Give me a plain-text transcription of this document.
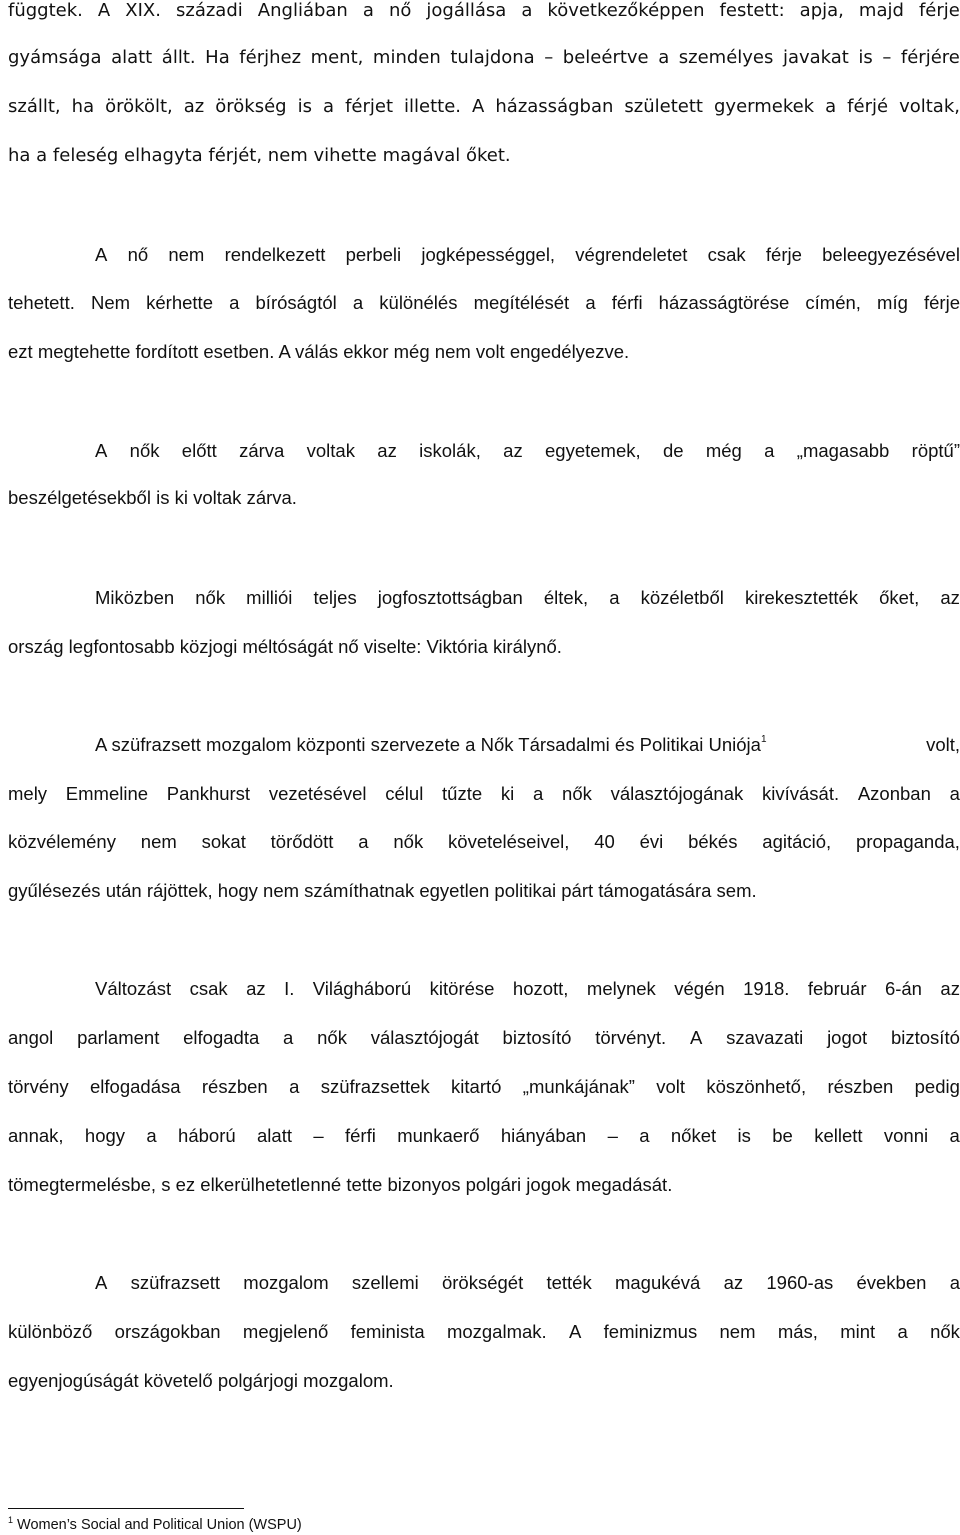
függtek. A XIX. századi Angliában a nő jogállása a következőképpen festett: apja, majd férje

gyámsága alatt állt. Ha férjhez ment, minden tulajdona – beleértve a személyes javakat is – férjére

szállt, ha örökölt, az örökség is a férjet illette. A házasságban született gyermekek a férjé voltak,

ha a feleség elhagyta férjét, nem vihette magával őket.

A nő nem rendelkezett perbeli jogképességgel, végrendeletet csak férje beleegyezésével

tehetett. Nem kérhette a bíróságtól a különélés megítélését a férfi házasságtörése címén, míg férje

ezt megtehette fordított esetben. A válás ekkor még nem volt engedélyezve.

A nők előtt zárva voltak az iskolák, az egyetemek, de még a „magasabb röptű”

beszélgetésekből is ki voltak zárva.

Miközben nők milliói teljes jogfosztottságban éltek, a közéletből kirekesztették őket, az

ország legfontosabb közjogi méltóságát nő viselte: Viktória királynő.

A szüfrazsett mozgalom központi szervezete a Nők Társadalmi és Politikai Uniója$^1$	volt,

mely Emmeline Pankhurst vezetésével célul tűzte ki a nők választójogának kivívását. Azonban a

közvélemény nem sokat törődött a nők követeléseivel, 40 évi békés agitáció, propaganda,

gyűlésezés után rájöttek, hogy nem számíthatnak egyetlen politikai párt támogatására sem.

Változást csak az I. Világháború kitörése hozott, melynek végén 1918. február 6-án az

angol parlament elfogadta a nők választójogát biztosító törvényt. A szavazati jogot biztosító

törvény elfogadása részben a szüfrazsettek kitartó „munkájának” volt köszönhető, részben pedig

annak, hogy a háború alatt – férfi munkaerő hiányában – a nőket is be kellett vonni a

tömegtermelésbe, s ez elkerülhetetlenné tette bizonyos polgári jogok megadását.

A szüfrazsett mozgalom szellemi örökségét tették magukévá az 1960-as években a

különböző országokban megjelenő feminista mozgalmak. A feminizmus nem más, mint a nők

egyenjogúságát követelő polgárjogi mozgalom.

$^1$ Women’s Social and Political Union (WSPU)
